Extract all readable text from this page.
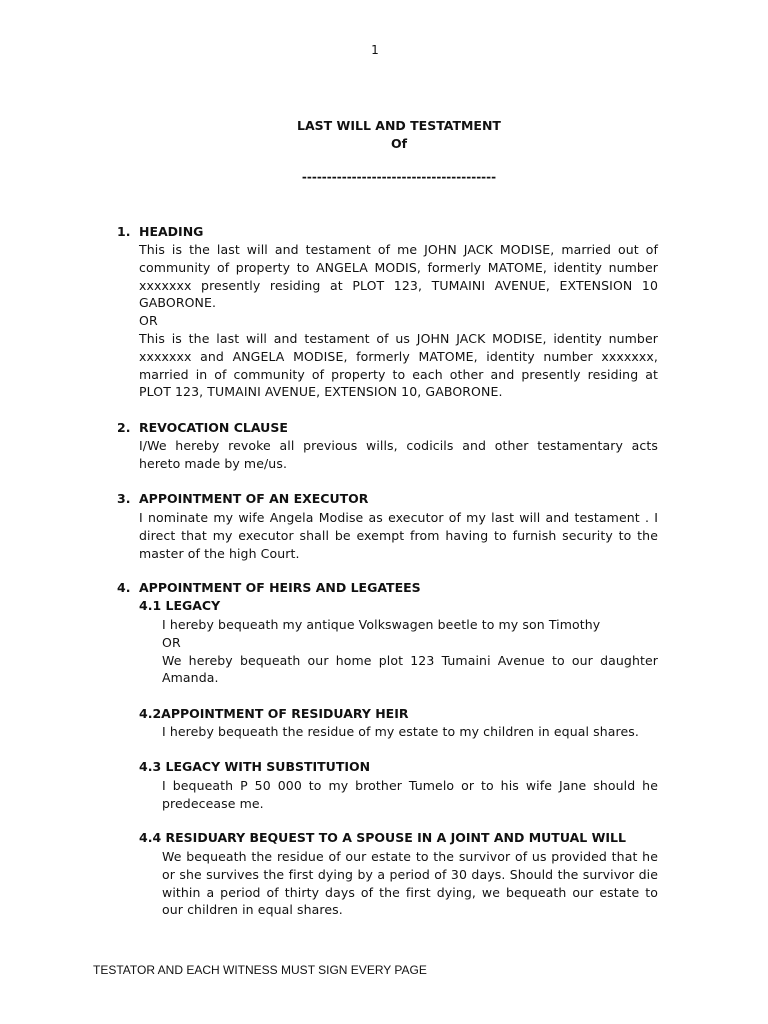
1
LAST WILL AND TESTATMENT
Of
---------------------------------------
1. HEADING
This is the last will and testament of me JOHN JACK MODISE, married out of
community of property to ANGELA MODIS, formerly MATOME, identity number
xxxxxxx presently residing at PLOT 123, TUMAINI AVENUE, EXTENSION 10
GABORONE.
OR
This is the last will and testament of us JOHN JACK MODISE, identity number
xxxxxxx and ANGELA MODISE, formerly MATOME, identity number xxxxxxx,
married in of community of property to each other and presently residing at
PLOT 123, TUMAINI AVENUE, EXTENSION 10, GABORONE.
2. REVOCATION CLAUSE
I/We hereby revoke all previous wills, codicils and other testamentary acts
hereto made by me/us.
3. APPOINTMENT OF AN EXECUTOR
I nominate my wife Angela Modise as executor of my last will and testament . I
direct that my executor shall be exempt from having to furnish security to the
master of the high Court.
4. APPOINTMENT OF HEIRS AND LEGATEES
4.1 LEGACY
I hereby bequeath my antique Volkswagen beetle to my son Timothy
OR
We hereby bequeath our home plot 123 Tumaini Avenue to our daughter
Amanda.
4.2APPOINTMENT OF RESIDUARY HEIR
I hereby bequeath the residue of my estate to my children in equal shares.
4.3 LEGACY WITH SUBSTITUTION
I bequeath P 50 000 to my brother Tumelo or to his wife Jane should he
predecease me.
4.4 RESIDUARY BEQUEST TO A SPOUSE IN A JOINT AND MUTUAL WILL
We bequeath the residue of our estate to the survivor of us provided that he
or she survives the first dying by a period of 30 days. Should the survivor die
within a period of thirty days of the first dying, we bequeath our estate to
our children in equal shares.
TESTATOR AND EACH WITNESS MUST SIGN EVERY PAGE
